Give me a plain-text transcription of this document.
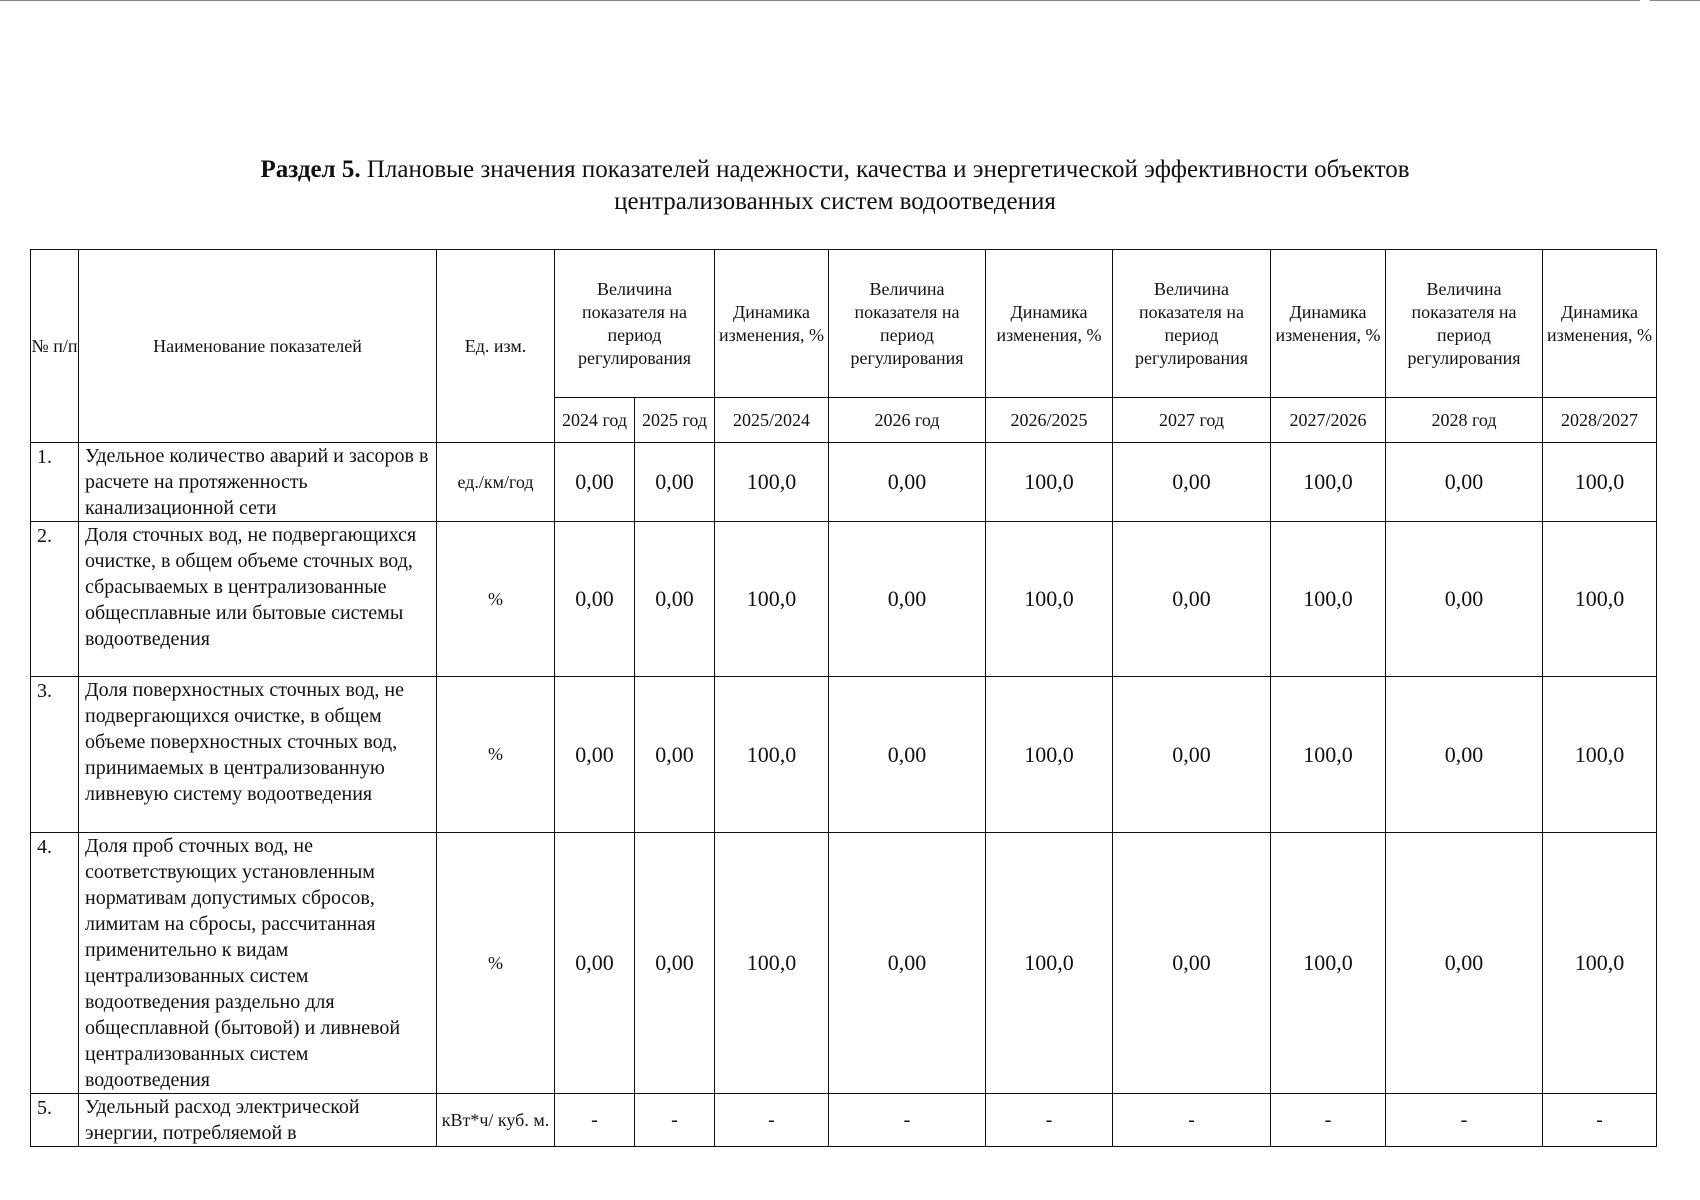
Раздел 5. Плановые значения показателей надежности, качества и энергетической эффективности объектов
централизованных систем водоотведения
№ п/п	Наименование показателей	Ед. изм.	Величина показателя на период регулирования		Динамика изменения, %	Величина показателя на период регулирования	Динамика изменения, %	Величина показателя на период регулирования	Динамика изменения, %	Величина показателя на период регулирования	Динамика изменения, %
			2024 год	2025 год	2025/2024	2026 год	2026/2025	2027 год	2027/2026	2028 год	2028/2027
1.	Удельное количество аварий и засоров в расчете на протяженность канализационной сети	ед./км/год	0,00	0,00	100,0	0,00	100,0	0,00	100,0	0,00	100,0
2.	Доля сточных вод, не подвергающихся очистке, в общем объеме сточных вод, сбрасываемых в централизованные общесплавные или бытовые системы водоотведения	%	0,00	0,00	100,0	0,00	100,0	0,00	100,0	0,00	100,0
3.	Доля поверхностных сточных вод, не подвергающихся очистке, в общем объеме поверхностных сточных вод, принимаемых в централизованную ливневую систему водоотведения	%	0,00	0,00	100,0	0,00	100,0	0,00	100,0	0,00	100,0
4.	Доля проб сточных вод, не соответствующих установленным нормативам допустимых сбросов, лимитам на сбросы, рассчитанная применительно к видам централизованных систем водоотведения раздельно для общесплавной (бытовой) и ливневой централизованных систем водоотведения	%	0,00	0,00	100,0	0,00	100,0	0,00	100,0	0,00	100,0
5.	Удельный расход электрической энергии, потребляемой в	кВт*ч/ куб. м.	-	-	-	-	-	-	-	-	-
